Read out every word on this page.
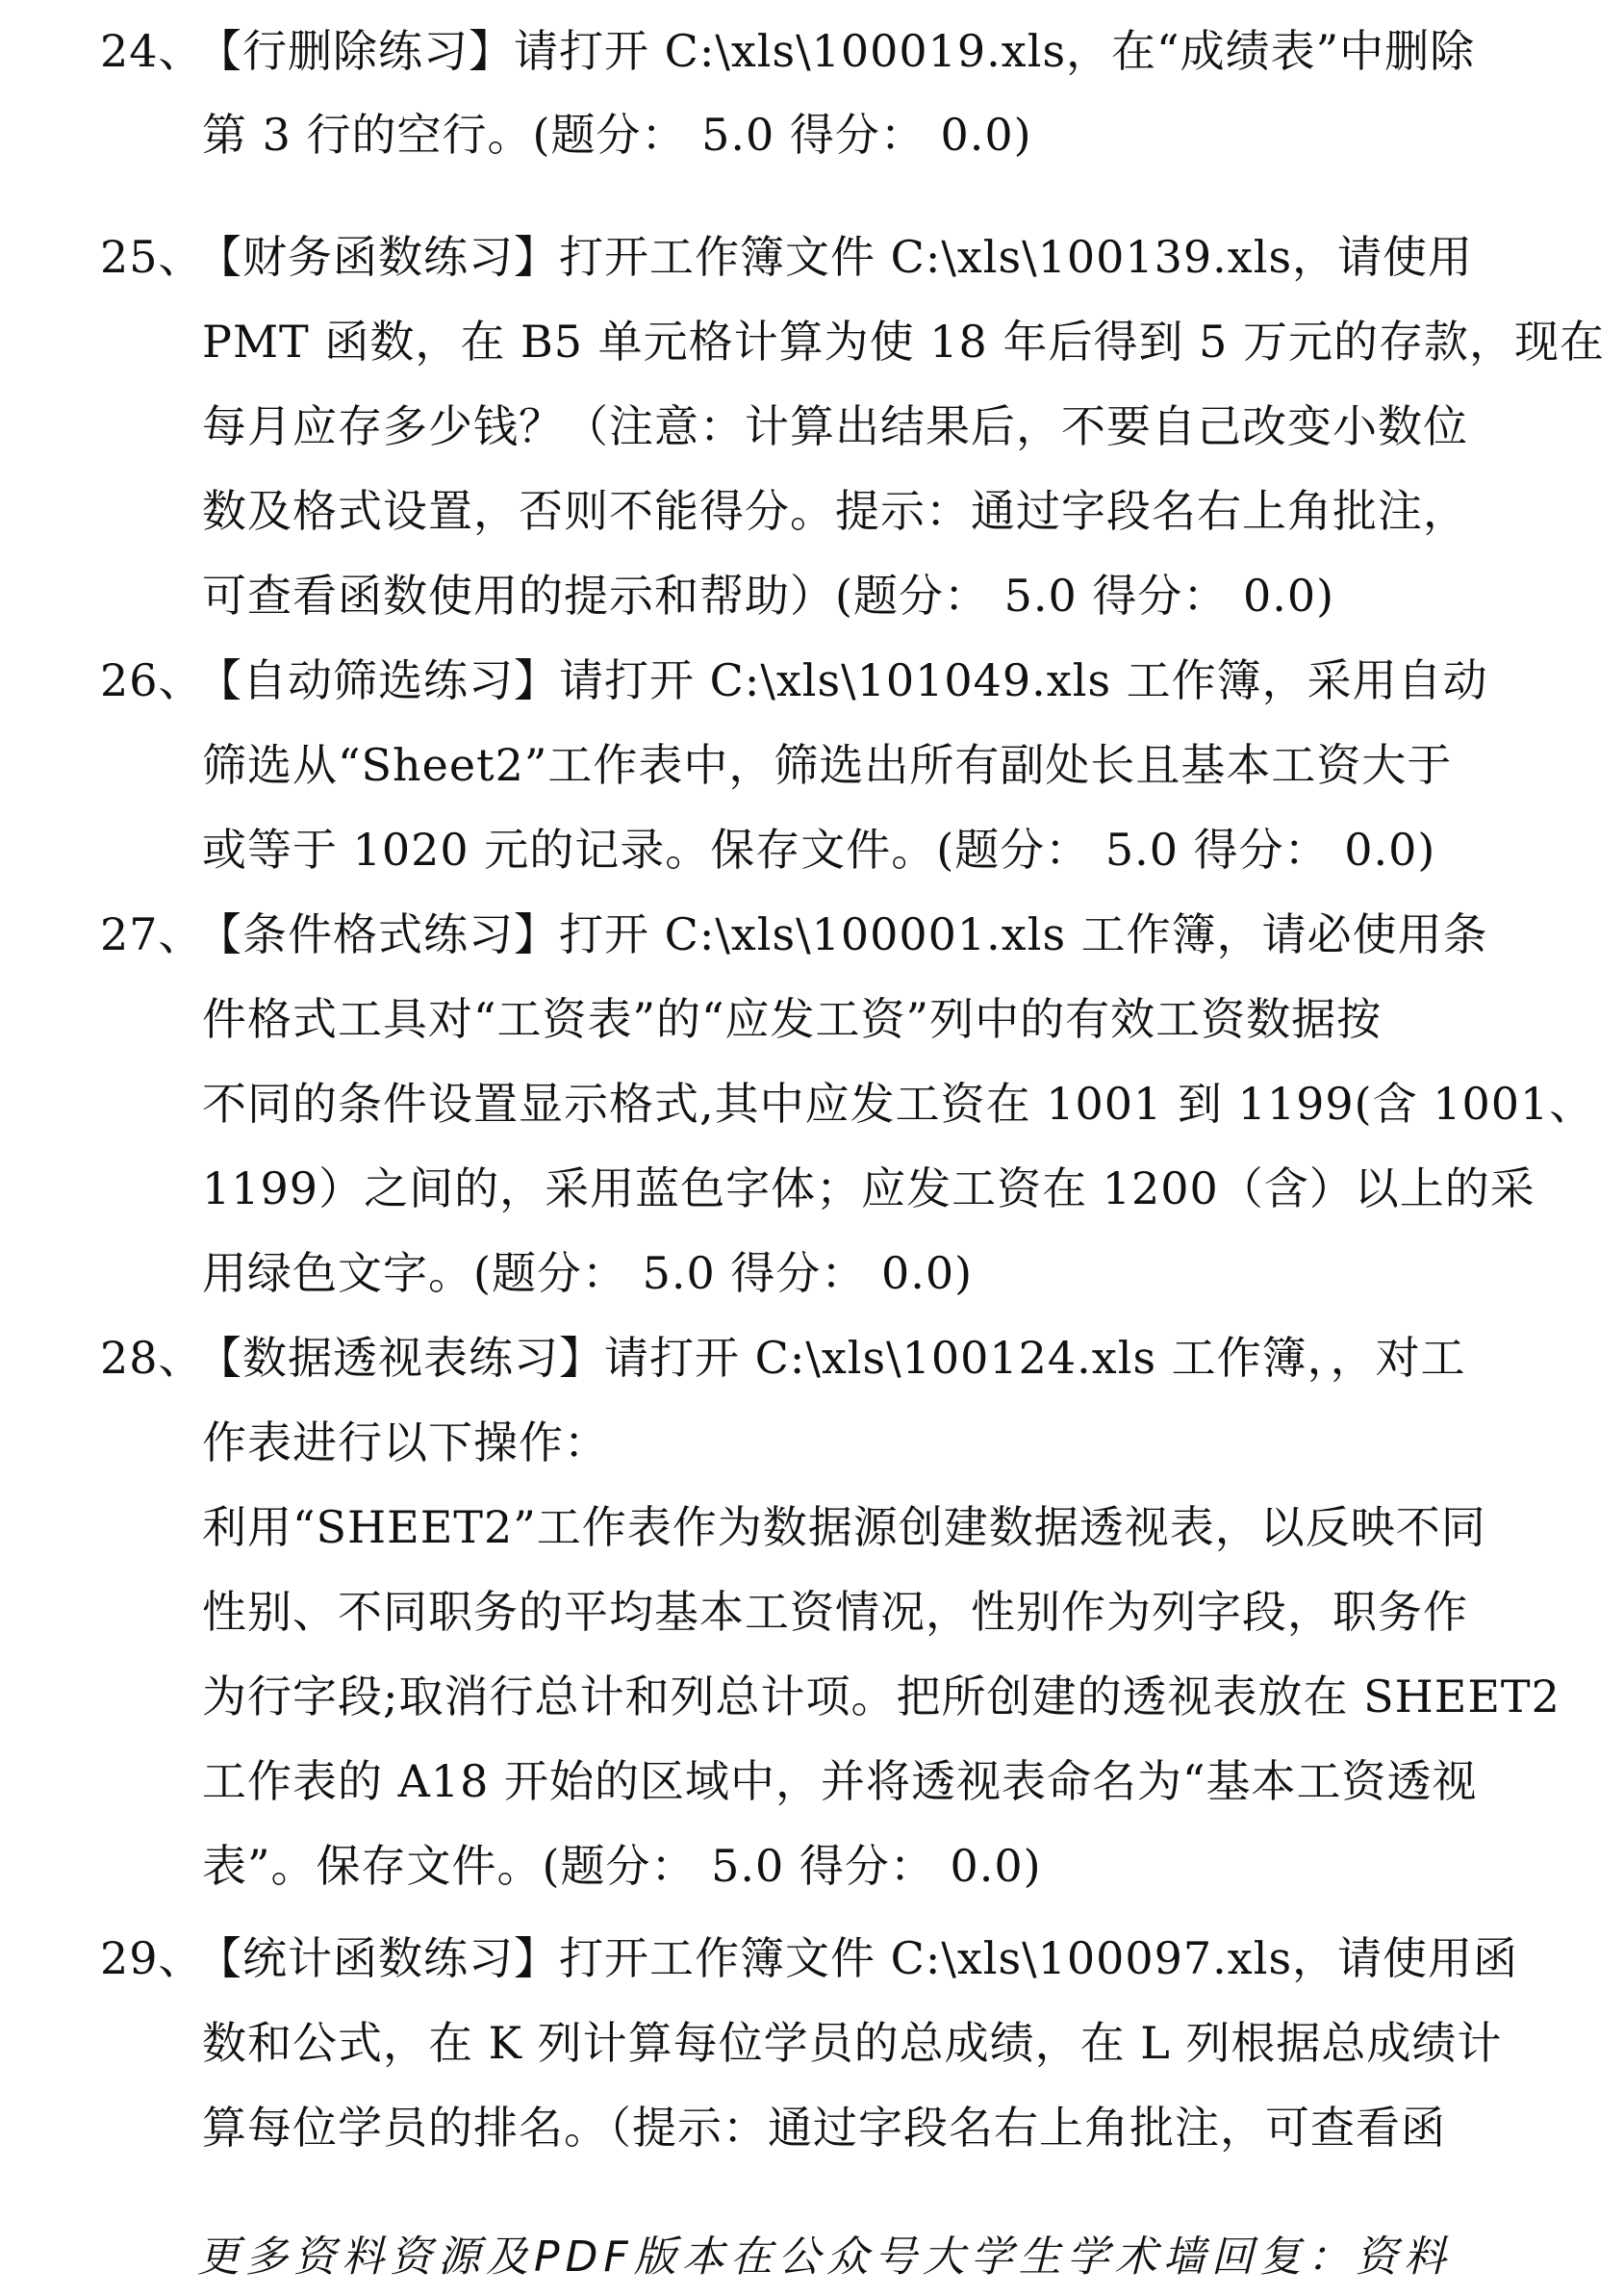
24、
【行删除练习】请打开 C:\xls\100019.xls，在“成绩表”中删除
第 3 行的空行。(题分： 5.0 得分： 0.0)
25、
【财务函数练习】打开工作簿文件 C:\xls\100139.xls，请使用
PMT 函数，在 B5 单元格计算为使 18 年后得到 5 万元的存款，现在
每月应存多少钱？（注意：计算出结果后，不要自己改变小数位
数及格式设置，否则不能得分。提示：通过字段名右上角批注，
可查看函数使用的提示和帮助）(题分： 5.0 得分： 0.0)
26、
【自动筛选练习】请打开 C:\xls\101049.xls 工作簿，采用自动
筛选从“Sheet2”工作表中，筛选出所有副处长且基本工资大于
或等于 1020 元的记录。保存文件。(题分： 5.0 得分： 0.0)
27、
【条件格式练习】打开 C:\xls\100001.xls 工作簿，请必使用条
件格式工具对“工资表”的“应发工资”列中的有效工资数据按
不同的条件设置显示格式,其中应发工资在 1001 到 1199(含 1001、
1199）之间的，采用蓝色字体；应发工资在 1200（含）以上的采
用绿色文字。(题分： 5.0 得分： 0.0)
28、
【数据透视表练习】请打开 C:\xls\100124.xls 工作簿，，对工
作表进行以下操作：
利用“SHEET2”工作表作为数据源创建数据透视表，以反映不同
性别、不同职务的平均基本工资情况，性别作为列字段，职务作
为行字段;取消行总计和列总计项。把所创建的透视表放在 SHEET2
工作表的 A18 开始的区域中，并将透视表命名为“基本工资透视
表”。保存文件。(题分： 5.0 得分： 0.0)
29、
【统计函数练习】打开工作簿文件 C:\xls\100097.xls，请使用函
数和公式，在 K 列计算每位学员的总成绩，在 L 列根据总成绩计
算每位学员的排名。（提示：通过字段名右上角批注，可查看函
更多资料资源及PDF版本在公众号大学生学术墙回复：资料
